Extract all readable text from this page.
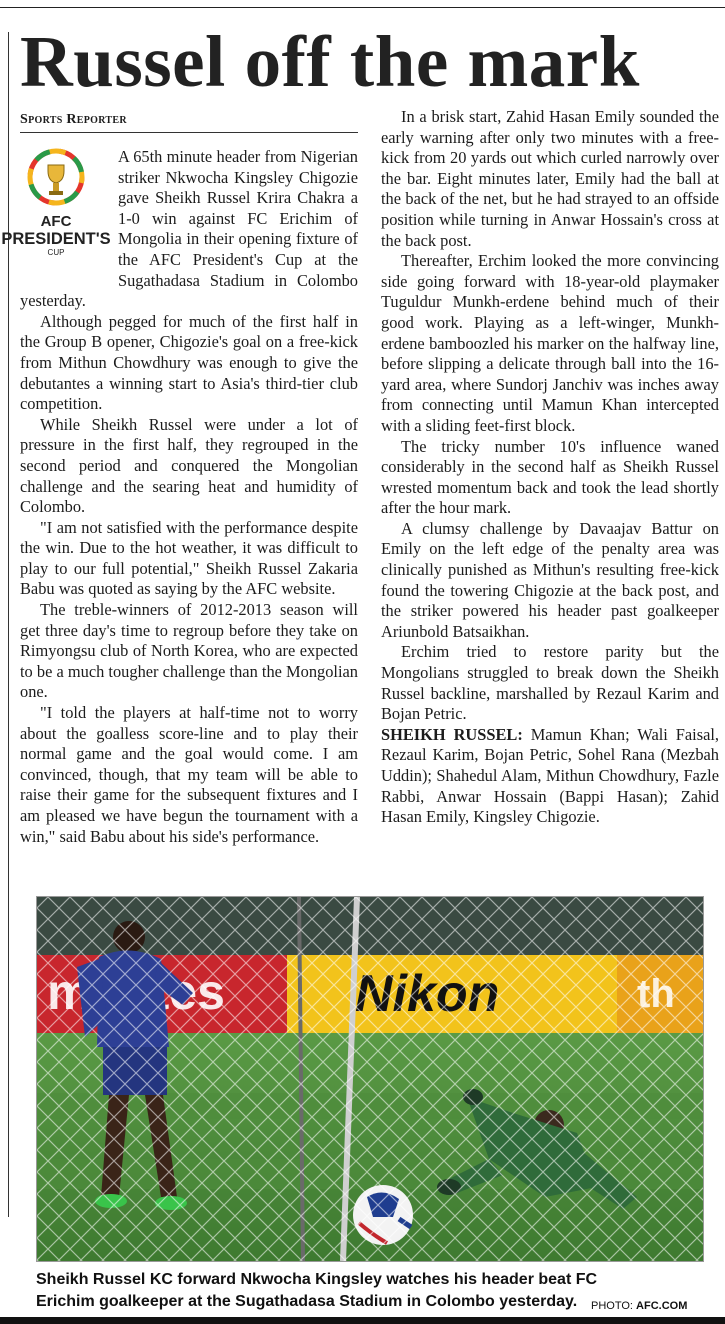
Russel off the mark
Sports Reporter
AFC
PRESIDENT'S
CUP

A 65th minute header from Nigerian striker Nkwocha Kingsley Chigozie gave Sheikh Russel Krira Chakra a 1-0 win against FC Erichim of Mongolia in their opening fixture of the AFC President's Cup at the Sugathadasa Stadium in Colombo yesterday.

Although pegged for much of the first half in the Group B opener, Chigozie's goal on a free-kick from Mithun Chowdhury was enough to give the debutantes a winning start to Asia's third-tier club competition.

While Sheikh Russel were under a lot of pressure in the first half, they regrouped in the second period and conquered the Mongolian challenge and the searing heat and humidity of Colombo.

"I am not satisfied with the performance despite the win. Due to the hot weather, it was difficult to play to our full potential," Sheikh Russel Zakaria Babu was quoted as saying by the AFC website.

The treble-winners of 2012-2013 season will get three day's time to regroup before they take on Rimyongsu club of North Korea, who are expected to be a much tougher challenge than the Mongolian one.

"I told the players at half-time not to worry about the goalless score-line and to play their normal game and the goal would come. I am convinced, though, that my team will be able to raise their game for the subsequent fixtures and I am pleased we have begun the tournament with a win," said Babu about his side's performance.

In a brisk start, Zahid Hasan Emily sounded the early warning after only two minutes with a free-kick from 20 yards out which curled narrowly over the bar. Eight minutes later, Emily had the ball at the back of the net, but he had strayed to an offside position while turning in Anwar Hossain's cross at the back post.

Thereafter, Erchim looked the more convincing side going forward with 18-year-old playmaker Tuguldur Munkh-erdene behind much of their good work. Playing as a left-winger, Munkh-erdene bamboozled his marker on the halfway line, before slipping a delicate through ball into the 16-yard area, where Sundorj Janchiv was inches away from connecting until Mamun Khan intercepted with a sliding feet-first block.

The tricky number 10's influence waned considerably in the second half as Sheikh Russel wrested momentum back and took the lead shortly after the hour mark.

A clumsy challenge by Davaajav Battur on Emily on the left edge of the penalty area was clinically punished as Mithun's resulting free-kick found the towering Chigozie at the back post, and the striker powered his header past goalkeeper Ariunbold Batsaikhan.

Erchim tried to restore parity but the Mongolians struggled to break down the Sheikh Russel backline, marshalled by Rezaul Karim and Bojan Petric.

SHEIKH RUSSEL: Mamun Khan; Wali Faisal, Rezaul Karim, Bojan Petric, Sohel Rana (Mezbah Uddin); Shahedul Alam, Mithun Chowdhury, Fazle Rabbi, Anwar Hossain (Bappi Hasan); Zahid Hasan Emily, Kingsley Chigozie.

Sheikh Russel KC forward Nkwocha Kingsley watches his header beat FC Erichim goalkeeper at the Sugathadasa Stadium in Colombo yesterday.	PHOTO: AFC.COM
